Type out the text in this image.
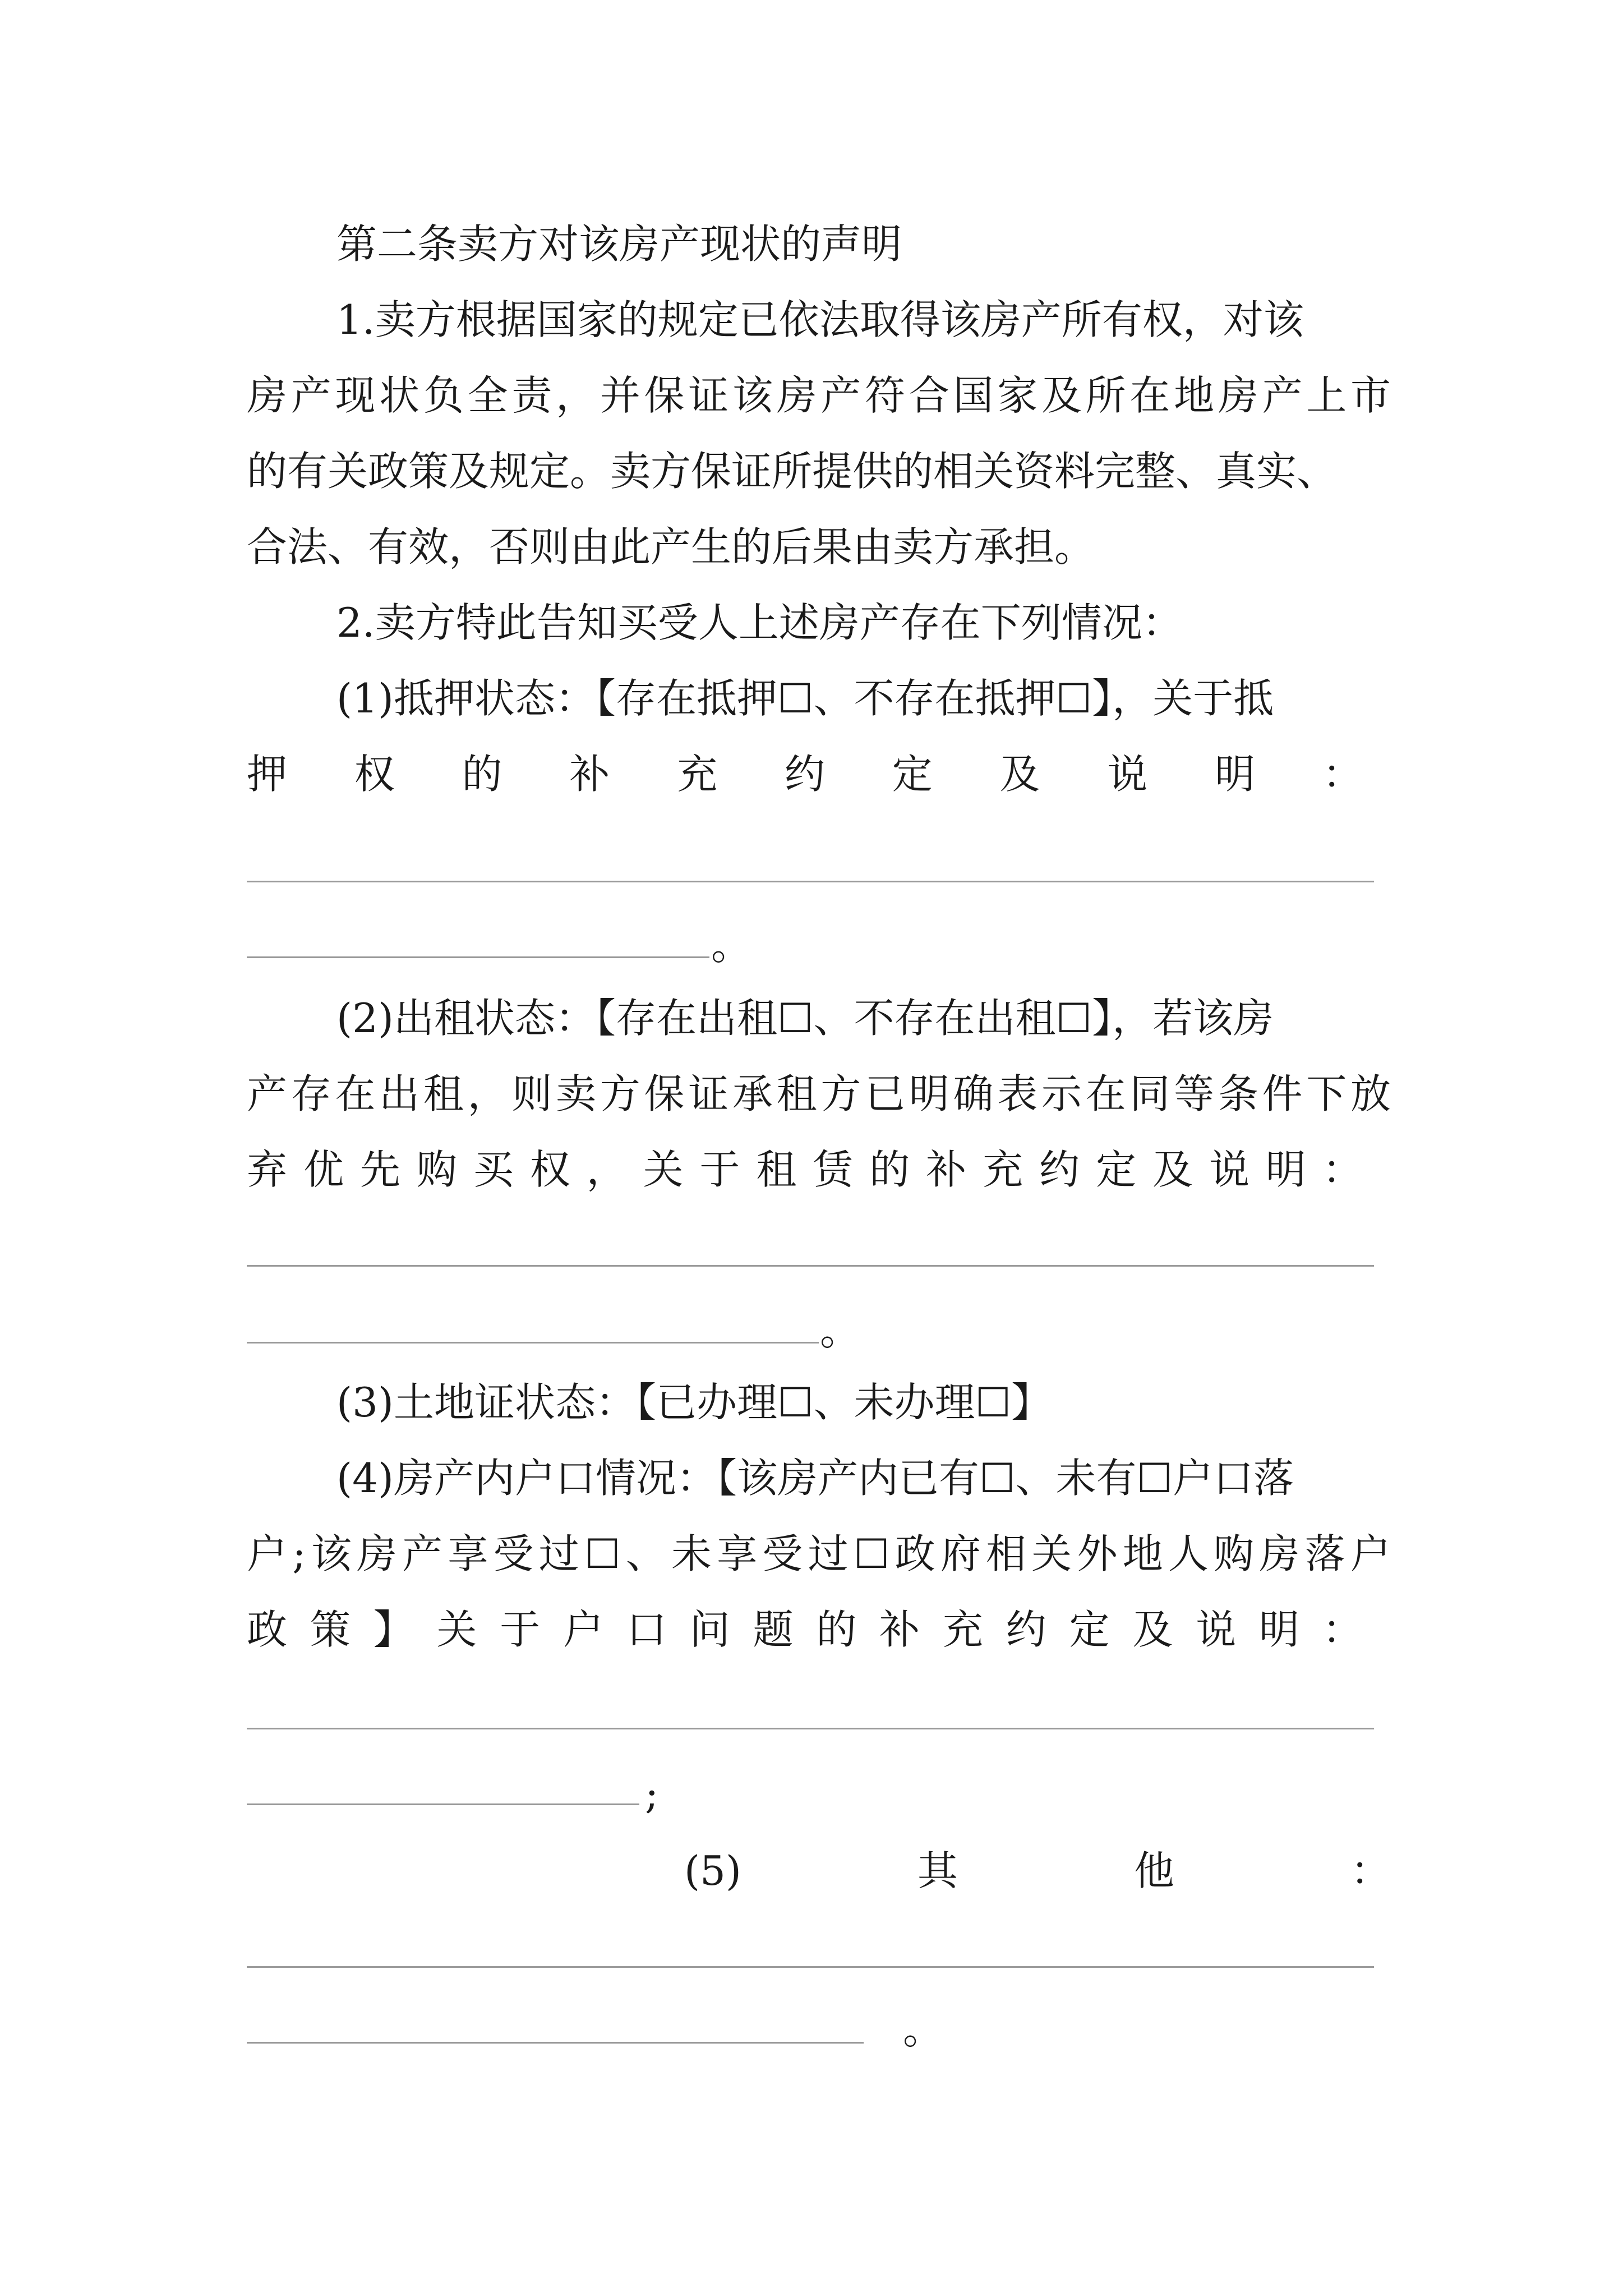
第二条卖方对该房产现状的声明
1.卖方根据国家的规定已依法取得该房产所有权，对该
房 产 现 状 负 全 责 ， 并 保 证 该 房 产 符 合 国 家 及 所 在 地 房 产 上 市
的有关政策及规定。卖方保证所提供的相关资料完整、真实、
合法、有效，否则由此产生的后果由卖方承担。
2.卖方特此告知买受人上述房产存在下列情况：
(1)抵押状态：【存在抵押☐、不存在抵押☐】，关于抵
押 权 的 补 充 约 定 及 说 明 ：
。
(2)出租状态：【存在出租☐、不存在出租☐】，若该房
产 存 在 出 租 ， 则 卖 方 保 证 承 租 方 已 明 确 表 示 在 同 等 条 件 下 放
弃 优 先 购 买 权 ， 关 于 租 赁 的 补 充 约 定 及 说 明 ：
。
(3)土地证状态：【已办理☐、未办理☐】
(4)房产内户口情况：【该房产内已有☐、未有☐户口落
户 ; 该 房 产 享 受 过 ☐ 、 未 享 受 过 ☐ 政 府 相 关 外 地 人 购 房 落 户
政 策 】 关 于 户 口 问 题 的 补 充 约 定 及 说 明 ：
;
(5)	其	他	：
。
